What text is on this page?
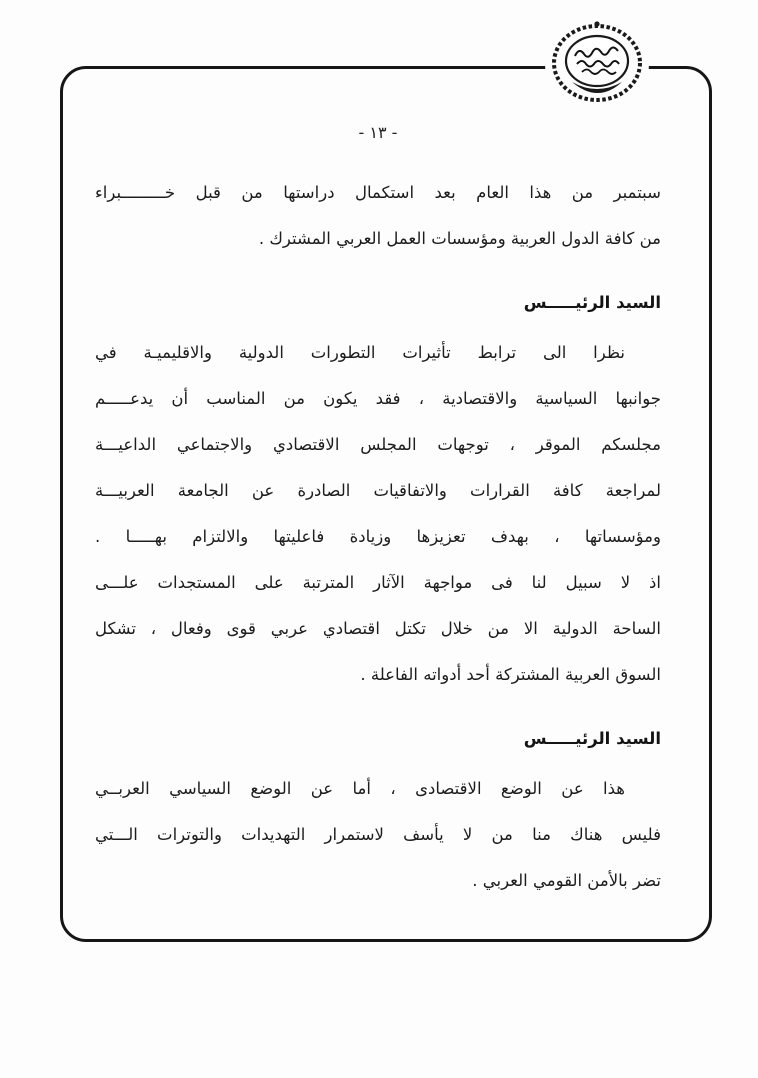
- ١٣ -
سبتمبر من هذا العام بعد استكمال دراستها من قبل خـــــــــبراء
من كافة الدول العربية ومؤسسات العمل العربي المشترك .
السيد الرئيـــــس
نظرا الى ترابط تأثيرات التطورات الدولية والاقليميـة في
جوانبها السياسية والاقتصادية ، فقد يكون من المناسب أن يدعـــــم
مجلسكم الموقر ، توجهات المجلس الاقتصادي والاجتماعي الداعيـــة
لمراجعة كافة القرارات والاتفاقيات الصادرة عن الجامعة العربيـــة
ومؤسساتها ، بهدف تعزيزها وزيادة فاعليتها والالتزام بهـــــا .
اذ لا سبيل لنا فى مواجهة الآثار المترتبة على المستجدات علـــى
الساحة الدولية الا من خلال تكتل اقتصادي عربي قوى وفعال ، تشكل
السوق العربية المشتركة أحد أدواته الفاعلة .
السيد الرئيـــــس
هذا عن الوضع الاقتصادى ، أما عن الوضع السياسي العربــي
فليس هناك منا من لا يأسف لاستمرار التهديدات والتوترات الـــتي
تضر بالأمن القومي العربي .
